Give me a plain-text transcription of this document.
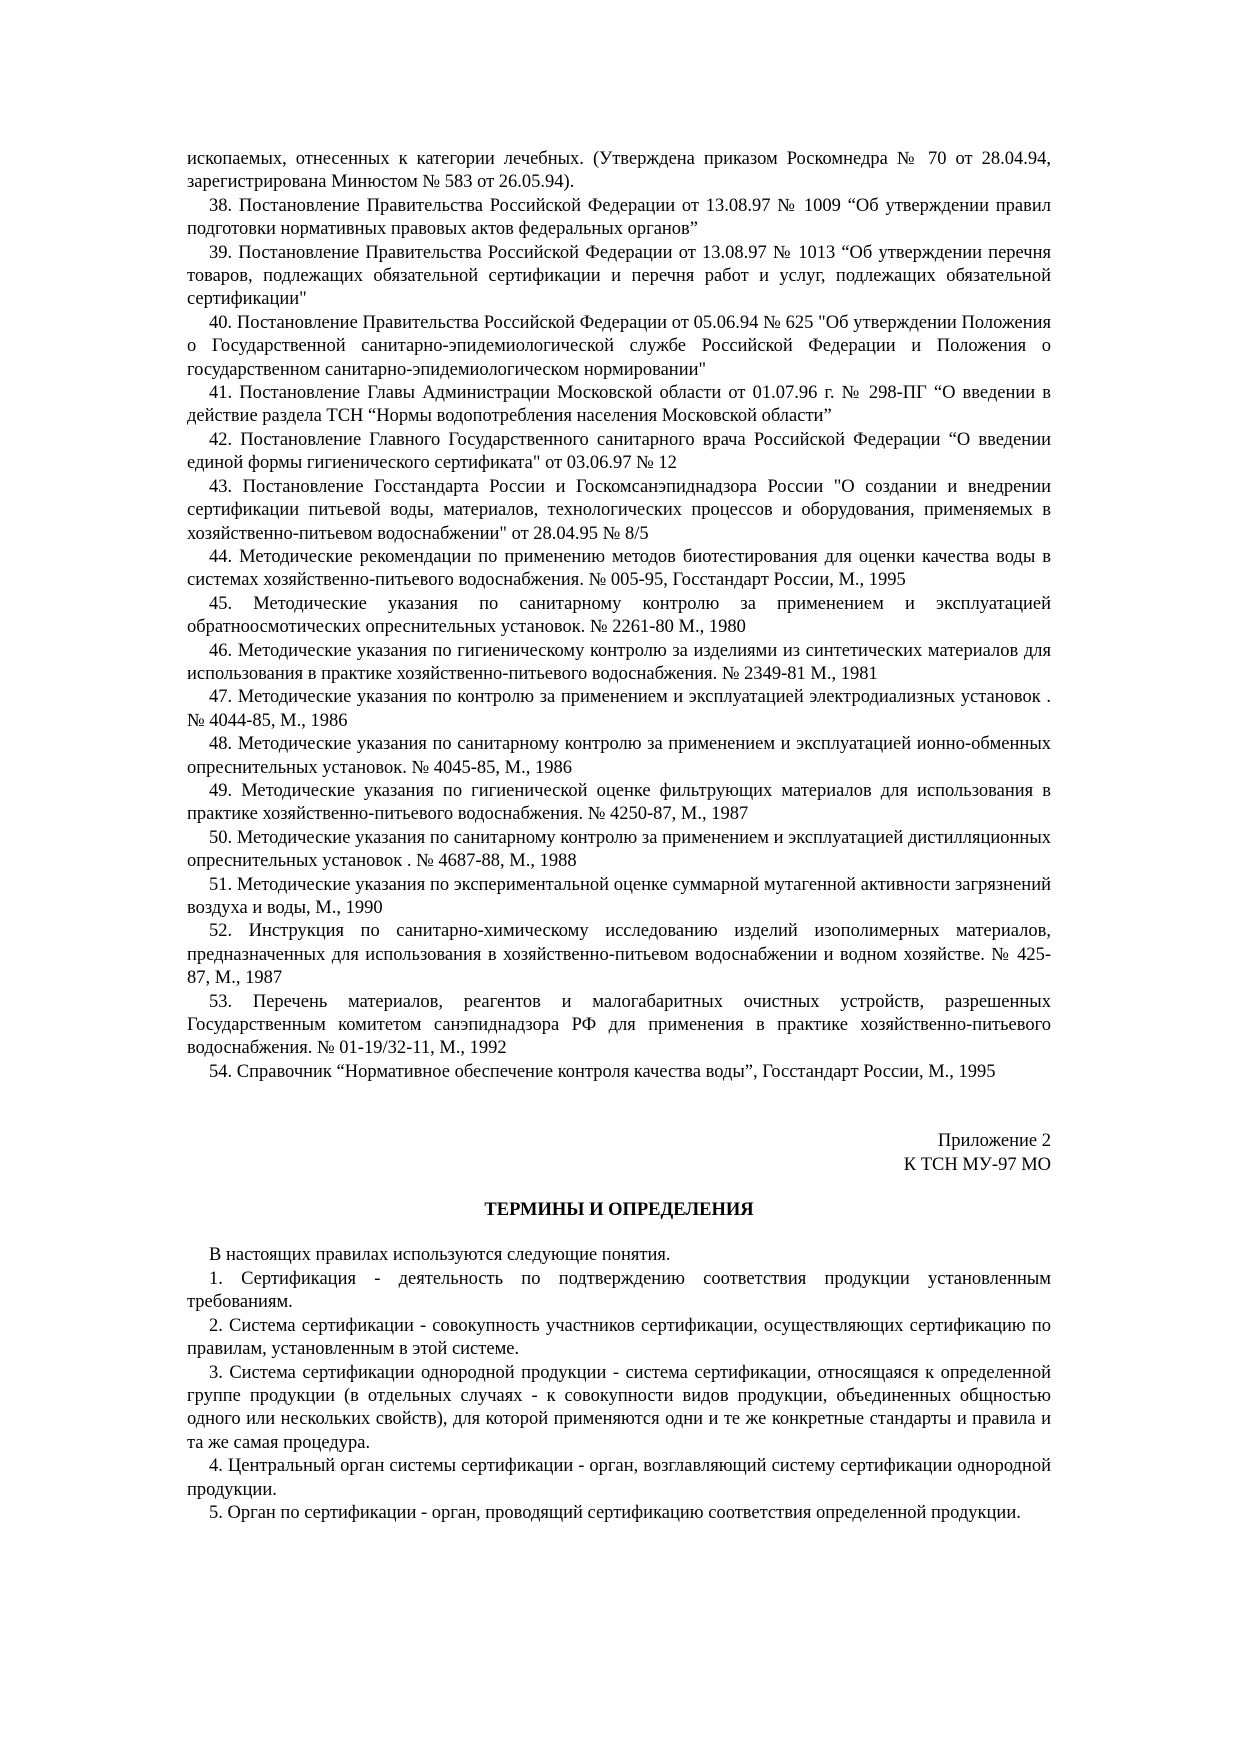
ископаемых, отнесенных к категории лечебных. (Утверждена приказом Роскомнедра № 70 от 28.04.94, зарегистрирована Минюстом № 583 от 26.05.94).

38. Постановление Правительства Российской Федерации от 13.08.97 № 1009 “Об утверждении правил подготовки нормативных правовых актов федеральных органов”

39. Постановление Правительства Российской Федерации от 13.08.97 № 1013 “Об утверждении перечня товаров, подлежащих обязательной сертификации и перечня работ и услуг, подлежащих обязательной сертификации"

40. Постановление Правительства Российской Федерации от 05.06.94 № 625 "Об утверждении Положения о Государственной санитарно-эпидемиологической службе Российской Федерации и Положения о государственном санитарно-эпидемиологическом нормировании"

41. Постановление Главы Администрации Московской области от 01.07.96 г. № 298-ПГ “О введении в действие раздела ТСН “Нормы водопотребления населения Московской области”

42. Постановление Главного Государственного санитарного врача Российской Федерации “О введении единой формы гигиенического сертификата" от 03.06.97 № 12

43. Постановление Госстандарта России и Госкомсанэпиднадзора России "О создании и внедрении сертификации питьевой воды, материалов, технологических процессов и оборудования, применяемых в хозяйственно-питьевом водоснабжении" от 28.04.95 № 8/5

44. Методические рекомендации по применению методов биотестирования для оценки качества воды в системах хозяйственно-питьевого водоснабжения. № 005-95, Госстандарт России, М., 1995

45. Методические указания по санитарному контролю за применением и эксплуатацией обратноосмотических опреснительных установок. № 2261-80 М., 1980

46. Методические указания по гигиеническому контролю за изделиями из синтетических материалов для использования в практике хозяйственно-питьевого водоснабжения. № 2349-81 М., 1981

47. Методические указания по контролю за применением и эксплуатацией электродиализных установок . № 4044-85, М., 1986

48. Методические указания по санитарному контролю за применением и эксплуатацией ионно-обменных опреснительных установок. № 4045-85, М., 1986

49. Методические указания по гигиенической оценке фильтрующих материалов для использования в практике хозяйственно-питьевого водоснабжения. № 4250-87, М., 1987

50. Методические указания по санитарному контролю за применением и эксплуатацией дистилляционных опреснительных установок . № 4687-88, М., 1988

51. Методические указания по экспериментальной оценке суммарной мутагенной активности загрязнений воздуха и воды, М., 1990

52. Инструкция по санитарно-химическому исследованию изделий изополимерных материалов, предназначенных для использования в хозяйственно-питьевом водоснабжении и водном хозяйстве. № 425-87, М., 1987

53. Перечень материалов, реагентов и малогабаритных очистных устройств, разрешенных Государственным комитетом санэпиднадзора РФ для применения в практике хозяйственно-питьевого водоснабжения. № 01-19/32-11, М., 1992

54. Справочник “Нормативное обеспечение контроля качества воды”, Госстандарт России, М., 1995

Приложение 2

К ТСН МУ-97 МО

ТЕРМИНЫ И ОПРЕДЕЛЕНИЯ

В настоящих правилах используются следующие понятия.

1. Сертификация - деятельность по подтверждению соответствия продукции установленным требованиям.

2. Система сертификации - совокупность участников сертификации, осуществляющих сертификацию по правилам, установленным в этой системе.

3. Система сертификации однородной продукции - система сертификации, относящаяся к определенной группе продукции (в отдельных случаях - к совокупности видов продукции, объединенных общностью одного или нескольких свойств), для которой применяются одни и те же конкретные стандарты и правила и та же самая процедура.

4. Центральный орган системы сертификации - орган, возглавляющий систему сертификации однородной продукции.

5. Орган по сертификации - орган, проводящий сертификацию соответствия определенной продукции.
